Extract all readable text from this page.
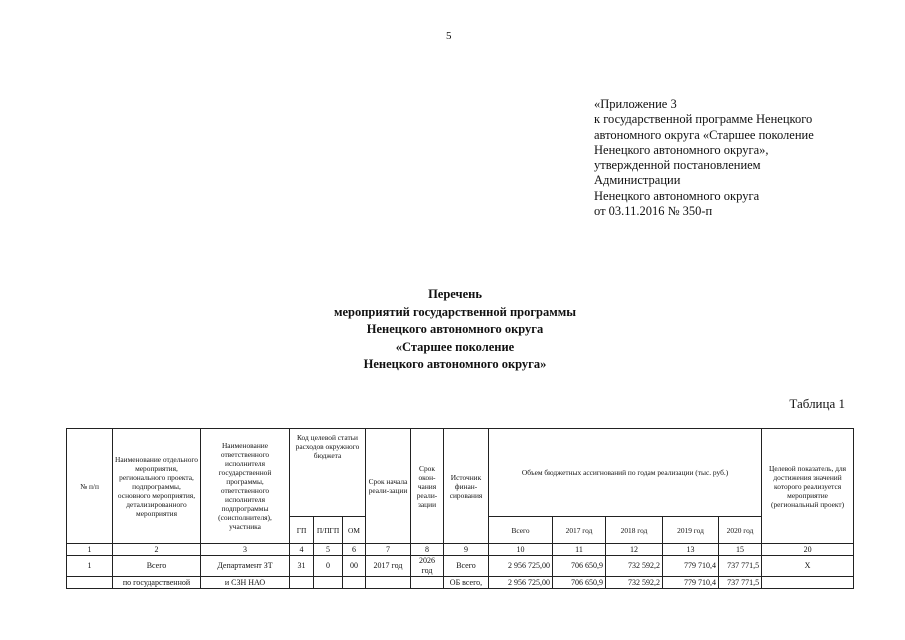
5
«Приложение 3
к государственной программе Ненецкого
автономного округа «Старшее поколение
Ненецкого автономного округа»,
утвержденной постановлением
Администрации
Ненецкого автономного округа
от 03.11.2016 № 350-п
Перечень
мероприятий государственной программы
Ненецкого автономного округа
«Старшее поколение
Ненецкого автономного округа»
Таблица 1
№ п/п	Наименование отдельного мероприятия, регионального проекта, подпрограммы, основного мероприятия, детализированного мероприятия	Наименование ответственного исполнителя государственной программы, ответственного исполнителя подпрограммы (соисполнителя), участника	Код целевой статьи расходов окружного бюджета			Срок начала реали-зации	Срок окон-чания реали-зации	Источник финан-сирования	Объем бюджетных ассигнований по годам реализации (тыс. руб.)					Целевой показатель, для достижения значений которого реализуется мероприятие (региональный проект)
			ГП	П/ПГП	ОМ				Всего	2017 год	2018 год	2019 год	2020 год	
1	2	3	4	5	6	7	8	9	10	11	12	13	15	20
1	Всего	Департамент ЗТ	31	0	00	2017 год	2026 год	Всего	2 956 725,00	706 650,9	732 592,2	779 710,4	737 771,5	Х
	по государственной	и СЗН НАО						ОБ всего,	2 956 725,00	706 650,9	732 592,2	779 710,4	737 771,5	
